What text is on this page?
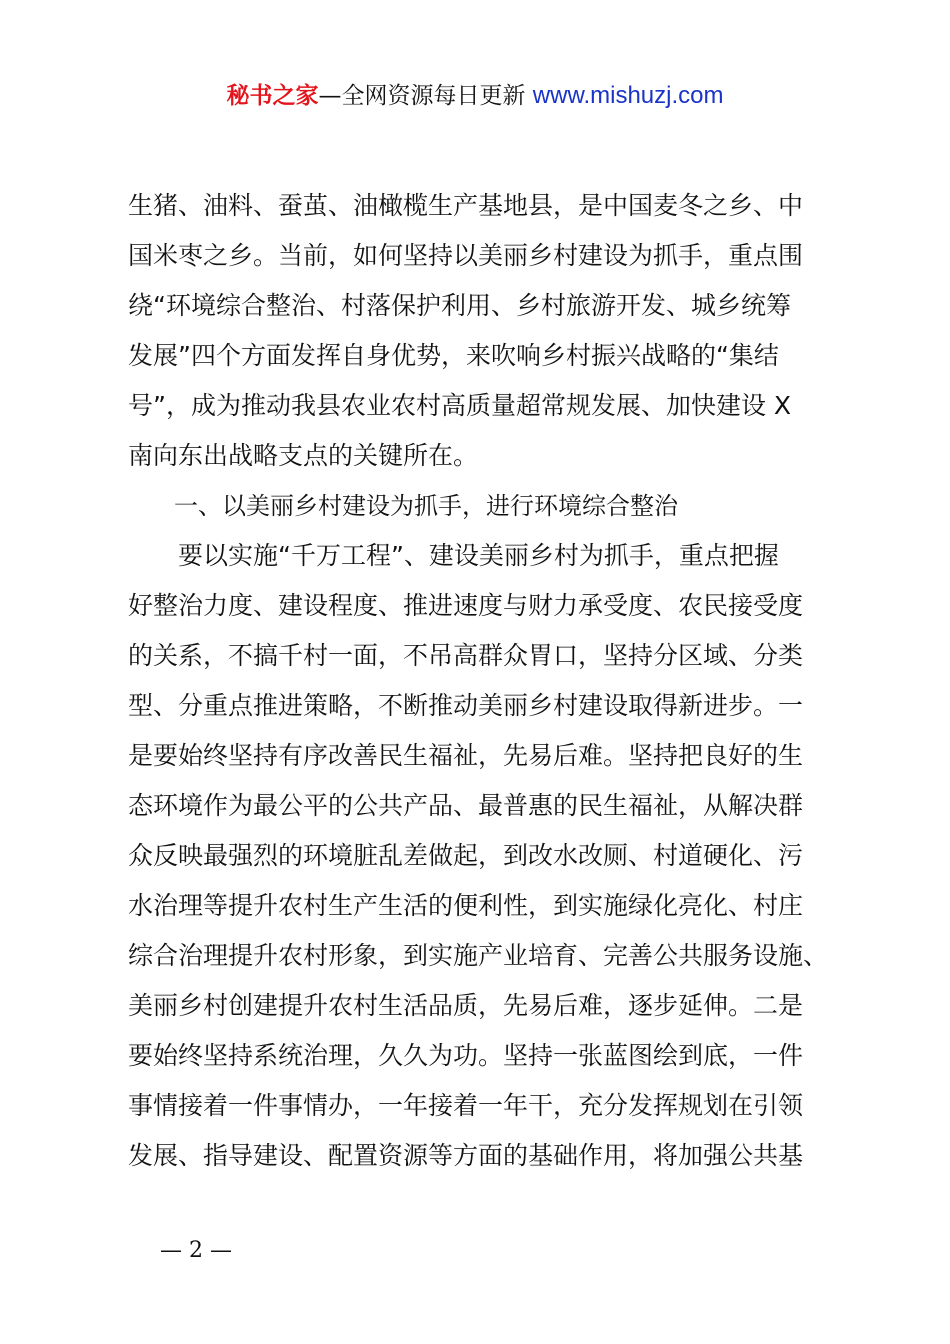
秘书之家—全网资源每日更新 www.mishuzj.com
生猪、油料、蚕茧、油橄榄生产基地县，是中国麦冬之乡、中
国米枣之乡。当前，如何坚持以美丽乡村建设为抓手，重点围
绕“环境综合整治、村落保护利用、乡村旅游开发、城乡统筹
发展”四个方面发挥自身优势，来吹响乡村振兴战略的“集结
号”，成为推动我县农业农村高质量超常规发展、加快建设 X
南向东出战略支点的关键所在。
一、以美丽乡村建设为抓手，进行环境综合整治
　　要以实施“千万工程”、建设美丽乡村为抓手，重点把握
好整治力度、建设程度、推进速度与财力承受度、农民接受度
的关系，不搞千村一面，不吊高群众胃口，坚持分区域、分类
型、分重点推进策略，不断推动美丽乡村建设取得新进步。一
是要始终坚持有序改善民生福祉，先易后难。坚持把良好的生
态环境作为最公平的公共产品、最普惠的民生福祉，从解决群
众反映最强烈的环境脏乱差做起，到改水改厕、村道硬化、污
水治理等提升农村生产生活的便利性，到实施绿化亮化、村庄
综合治理提升农村形象，到实施产业培育、完善公共服务设施、
美丽乡村创建提升农村生活品质，先易后难，逐步延伸。二是
要始终坚持系统治理，久久为功。坚持一张蓝图绘到底，一件
事情接着一件事情办，一年接着一年干，充分发挥规划在引领
发展、指导建设、配置资源等方面的基础作用，将加强公共基
— 2 —
